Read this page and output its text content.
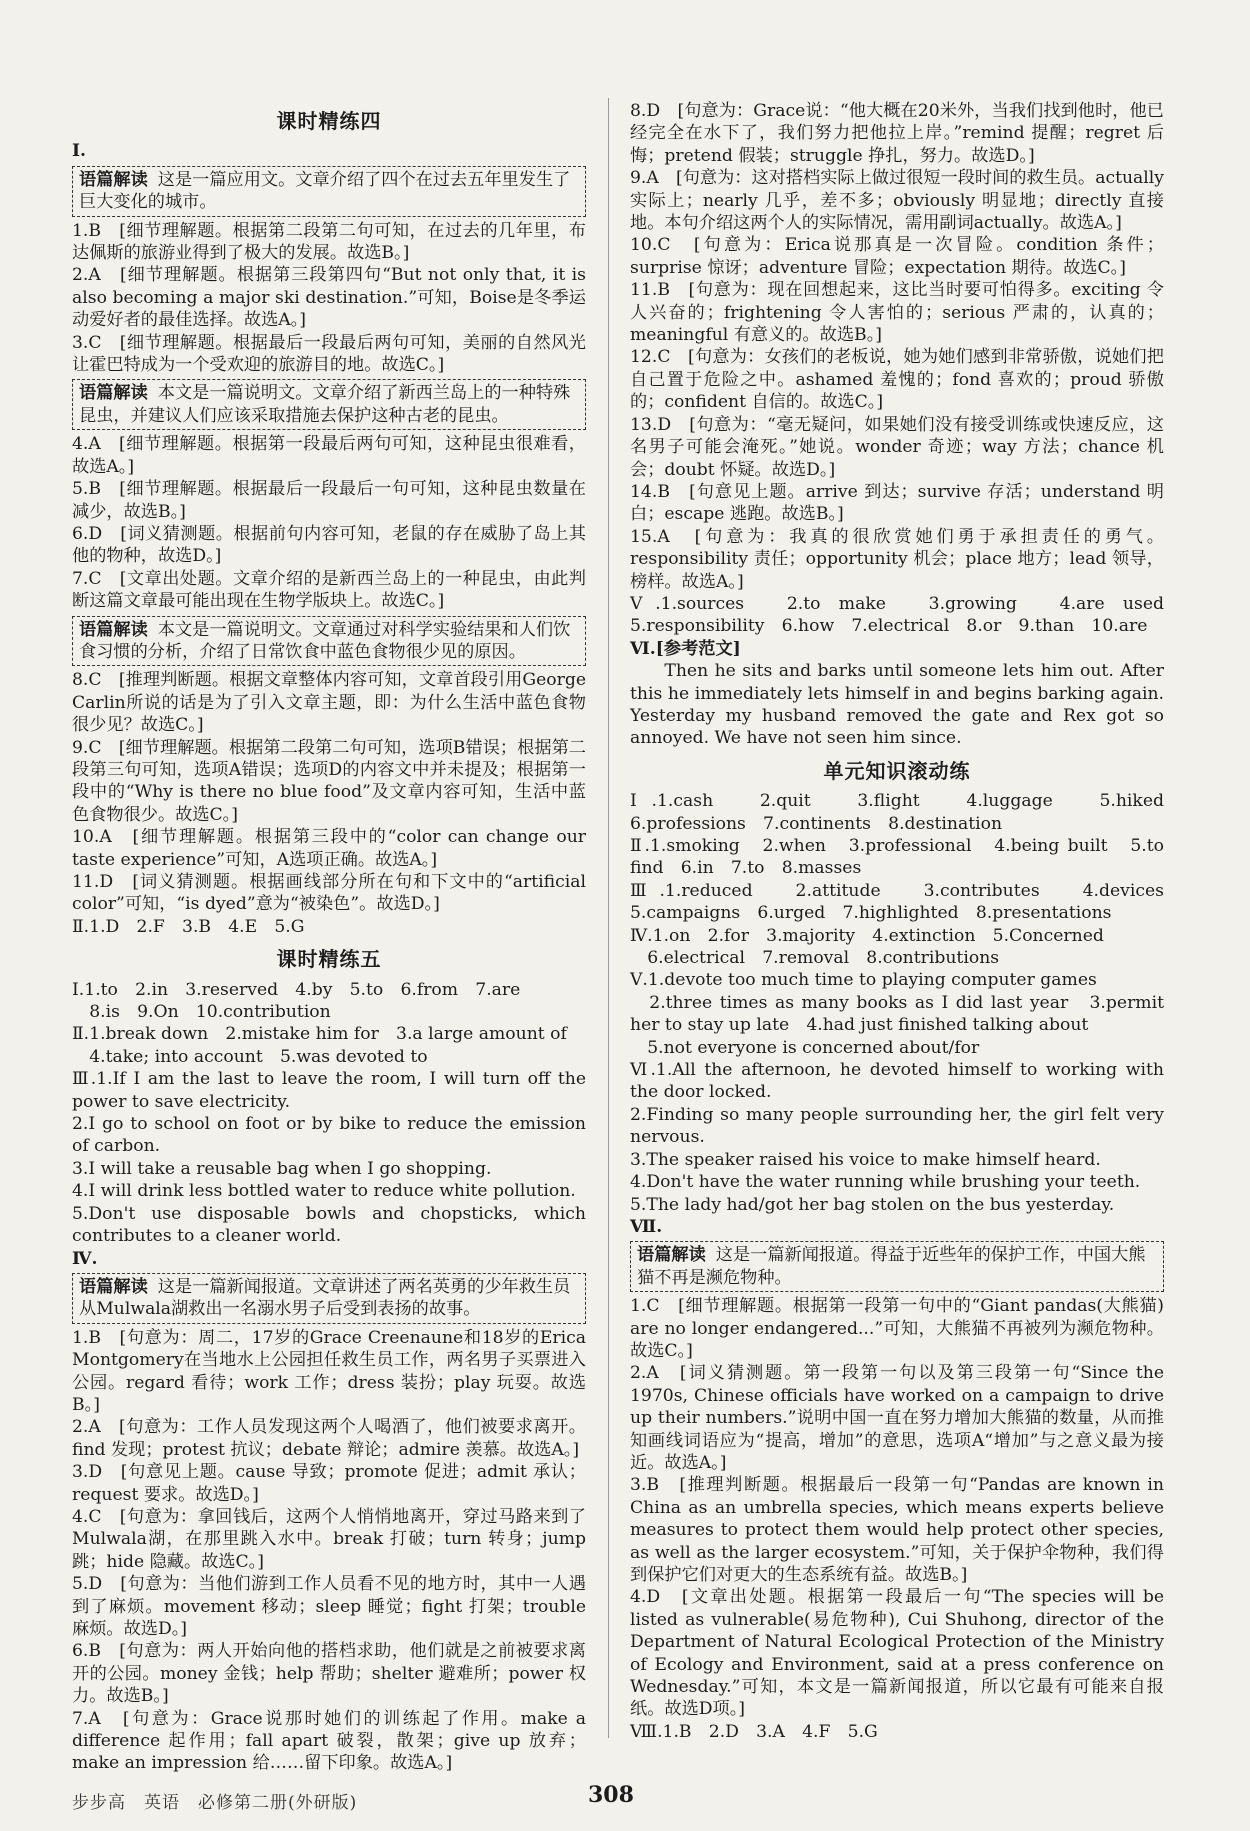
课时精练四

Ⅰ.

语篇解读 这是一篇应用文。文章介绍了四个在过去五年里发生了巨大变化的城市。

1.B　[细节理解题。根据第二段第二句可知，在过去的几年里，布达佩斯的旅游业得到了极大的发展。故选B。]

2.A　[细节理解题。根据第三段第四句“But not only that, it is also becoming a major ski destination.”可知，Boise是冬季运动爱好者的最佳选择。故选A。]

3.C　[细节理解题。根据最后一段最后两句可知，美丽的自然风光让霍巴特成为一个受欢迎的旅游目的地。故选C。]

语篇解读 本文是一篇说明文。文章介绍了新西兰岛上的一种特殊昆虫，并建议人们应该采取措施去保护这种古老的昆虫。

4.A　[细节理解题。根据第一段最后两句可知，这种昆虫很难看，故选A。]

5.B　[细节理解题。根据最后一段最后一句可知，这种昆虫数量在减少，故选B。]

6.D　[词义猜测题。根据前句内容可知，老鼠的存在威胁了岛上其他的物种，故选D。]

7.C　[文章出处题。文章介绍的是新西兰岛上的一种昆虫，由此判断这篇文章最可能出现在生物学版块上。故选C。]

语篇解读 本文是一篇说明文。文章通过对科学实验结果和人们饮食习惯的分析，介绍了日常饮食中蓝色食物很少见的原因。

8.C　[推理判断题。根据文章整体内容可知，文章首段引用George Carlin所说的话是为了引入文章主题，即：为什么生活中蓝色食物很少见？故选C。]

9.C　[细节理解题。根据第二段第二句可知，选项B错误；根据第二段第三句可知，选项A错误；选项D的内容文中并未提及；根据第一段中的“Why is there no blue food”及文章内容可知，生活中蓝色食物很少。故选C。]

10.A　[细节理解题。根据第三段中的“color can change our taste experience”可知，A选项正确。故选A。]

11.D　[词义猜测题。根据画线部分所在句和下文中的“artificial color”可知，“is dyed”意为“被染色”。故选D。]

Ⅱ.1.D　2.F　3.B　4.E　5.G

课时精练五

Ⅰ.1.to　2.in　3.reserved　4.by　5.to　6.from　7.are
　8.is　9.On　10.contribution

Ⅱ.1.break down　2.mistake him for　3.a large amount of
　4.take; into account　5.was devoted to

Ⅲ.1.If I am the last to leave the room, I will turn off the power to save electricity.

2.I go to school on foot or by bike to reduce the emission of carbon.

3.I will take a reusable bag when I go shopping.

4.I will drink less bottled water to reduce white pollution.

5.Don't use disposable bowls and chopsticks, which contributes to a cleaner world.

Ⅳ.

语篇解读 这是一篇新闻报道。文章讲述了两名英勇的少年救生员从Mulwala湖救出一名溺水男子后受到表扬的故事。

1.B　[句意为：周二，17岁的Grace Creenaune和18岁的Erica Montgomery在当地水上公园担任救生员工作，两名男子买票进入公园。regard 看待；work 工作；dress 装扮；play 玩耍。故选B。]

2.A　[句意为：工作人员发现这两个人喝酒了，他们被要求离开。find 发现；protest 抗议；debate 辩论；admire 羡慕。故选A。]

3.D　[句意见上题。cause 导致；promote 促进；admit 承认；request 要求。故选D。]

4.C　[句意为：拿回钱后，这两个人悄悄地离开，穿过马路来到了Mulwala湖，在那里跳入水中。break 打破；turn 转身；jump 跳；hide 隐藏。故选C。]

5.D　[句意为：当他们游到工作人员看不见的地方时，其中一人遇到了麻烦。movement 移动；sleep 睡觉；fight 打架；trouble 麻烦。故选D。]

6.B　[句意为：两人开始向他的搭档求助，他们就是之前被要求离开的公园。money 金钱；help 帮助；shelter 避难所；power 权力。故选B。]

7.A　[句意为：Grace说那时她们的训练起了作用。make a difference 起作用；fall apart 破裂，散架；give up 放弃；make an impression 给……留下印象。故选A。]

8.D　[句意为：Grace说：“他大概在20米外，当我们找到他时，他已经完全在水下了，我们努力把他拉上岸。”remind 提醒；regret 后悔；pretend 假装；struggle 挣扎，努力。故选D。]

9.A　[句意为：这对搭档实际上做过很短一段时间的救生员。actually 实际上；nearly 几乎，差不多；obviously 明显地；directly 直接地。本句介绍这两个人的实际情况，需用副词actually。故选A。]

10.C　[句意为：Erica说那真是一次冒险。condition 条件；surprise 惊讶；adventure 冒险；expectation 期待。故选C。]

11.B　[句意为：现在回想起来，这比当时要可怕得多。exciting 令人兴奋的；frightening 令人害怕的；serious 严肃的，认真的；meaningful 有意义的。故选B。]

12.C　[句意为：女孩们的老板说，她为她们感到非常骄傲，说她们把自己置于危险之中。ashamed 羞愧的；fond 喜欢的；proud 骄傲的；confident 自信的。故选C。]

13.D　[句意为：“毫无疑问，如果她们没有接受训练或快速反应，这名男子可能会淹死。”她说。wonder 奇迹；way 方法；chance 机会；doubt 怀疑。故选D。]

14.B　[句意见上题。arrive 到达；survive 存活；understand 明白；escape 逃跑。故选B。]

15.A　[句意为：我真的很欣赏她们勇于承担责任的勇气。responsibility 责任；opportunity 机会；place 地方；lead 领导，榜样。故选A。]

Ⅴ.1.sources　2.to make　3.growing　4.are used　5.responsibility　6.how　7.electrical　8.or　9.than　10.are

Ⅵ.[参考范文]

Then he sits and barks until someone lets him out. After this he immediately lets himself in and begins barking again. Yesterday my husband removed the gate and Rex got so annoyed. We have not seen him since.

单元知识滚动练

Ⅰ.1.cash　2.quit　3.flight　4.luggage　5.hiked　6.professions　7.continents　8.destination

Ⅱ.1.smoking　2.when　3.professional　4.being built　5.to find　6.in　7.to　8.masses

Ⅲ.1.reduced　2.attitude　3.contributes　4.devices　5.campaigns　6.urged　7.highlighted　8.presentations

Ⅳ.1.on　2.for　3.majority　4.extinction　5.Concerned
　6.electrical　7.removal　8.contributions

Ⅴ.1.devote too much time to playing computer games

　2.three times as many books as I did last year　3.permit her to stay up late　4.had just finished talking about

　5.not everyone is concerned about/for

Ⅵ.1.All the afternoon, he devoted himself to working with the door locked.

2.Finding so many people surrounding her, the girl felt very nervous.

3.The speaker raised his voice to make himself heard.

4.Don't have the water running while brushing your teeth.

5.The lady had/got her bag stolen on the bus yesterday.

Ⅶ.

语篇解读 这是一篇新闻报道。得益于近些年的保护工作，中国大熊猫不再是濒危物种。

1.C　[细节理解题。根据第一段第一句中的“Giant pandas(大熊猫) are no longer endangered...”可知，大熊猫不再被列为濒危物种。故选C。]

2.A　[词义猜测题。第一段第一句以及第三段第一句“Since the 1970s, Chinese officials have worked on a campaign to drive up their numbers.”说明中国一直在努力增加大熊猫的数量，从而推知画线词语应为“提高，增加”的意思，选项A“增加”与之意义最为接近。故选A。]

3.B　[推理判断题。根据最后一段第一句“Pandas are known in China as an umbrella species, which means experts believe measures to protect them would help protect other species, as well as the larger ecosystem.”可知，关于保护伞物种，我们得到保护它们对更大的生态系统有益。故选B。]

4.D　[文章出处题。根据第一段最后一句“The species will be listed as vulnerable(易危物种), Cui Shuhong, director of the Department of Natural Ecological Protection of the Ministry of Ecology and Environment, said at a press conference on Wednesday.”可知，本文是一篇新闻报道，所以它最有可能来自报纸。故选D项。]

Ⅷ.1.B　2.D　3.A　4.F　5.G

步步高　英语　必修第二册(外研版)	308
